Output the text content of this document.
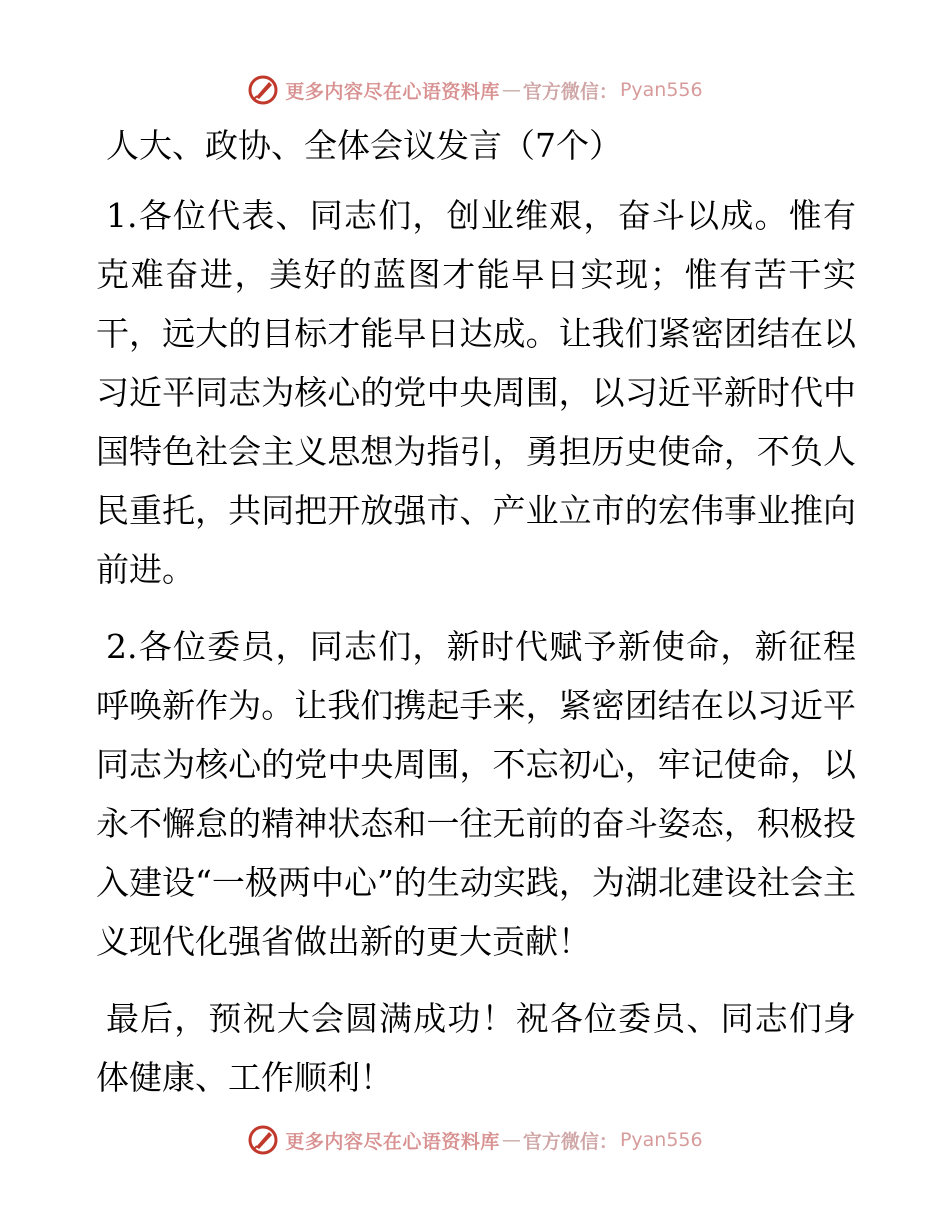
更多内容尽在心语资料库 — 官方微信： Pyan556
人大、政协、全体会议发言（7个）

1.各位代表、同志们，创业维艰，奋斗以成。惟有克难奋进，美好的蓝图才能早日实现；惟有苦干实干，远大的目标才能早日达成。让我们紧密团结在以习近平同志为核心的党中央周围，以习近平新时代中国特色社会主义思想为指引，勇担历史使命，不负人民重托，共同把开放强市、产业立市的宏伟事业推向前进。

2.各位委员，同志们，新时代赋予新使命，新征程呼唤新作为。让我们携起手来，紧密团结在以习近平同志为核心的党中央周围，不忘初心，牢记使命，以永不懈怠的精神状态和一往无前的奋斗姿态，积极投入建设“一极两中心”的生动实践，为湖北建设社会主义现代化强省做出新的更大贡献！

最后，预祝大会圆满成功！祝各位委员、同志们身体健康、工作顺利！

更多内容尽在心语资料库 — 官方微信： Pyan556
